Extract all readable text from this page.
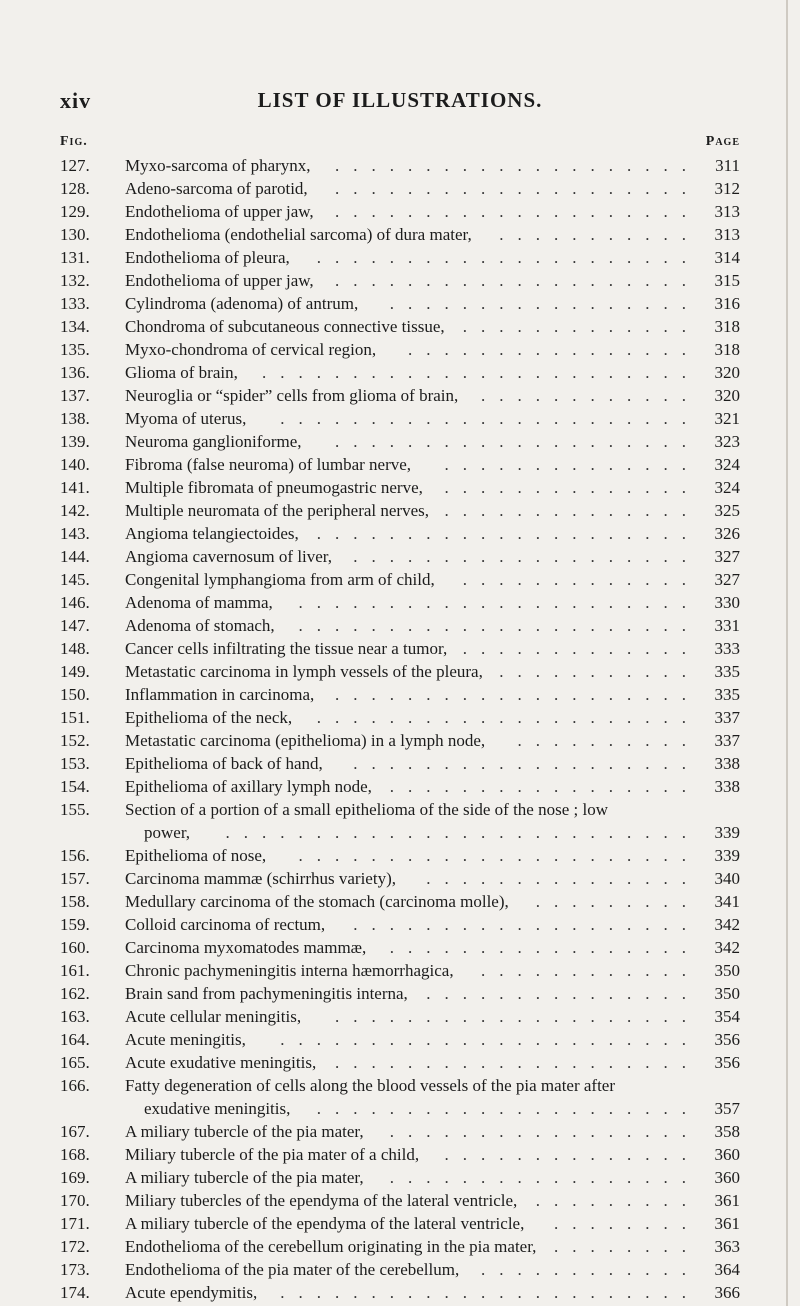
xiv	LIST OF ILLUSTRATIONS.
Fig.	Page
127.	Myxo-sarcoma of pharynx, .................... 311
128.	Adeno-sarcoma of parotid, .................... 312
129.	Endothelioma of upper jaw, .................... 313
130.	Endothelioma (endothelial sarcoma) of dura mater, ........... 313
131.	Endothelioma of pleura, ..................... 314
132.	Endothelioma of upper jaw, .................... 315
133.	Cylindroma (adenoma) of antrum, ................. 316
134.	Chondroma of subcutaneous connective tissue, ............. 318
135.	Myxo-chondroma of cervical region, ................ 318
136.	Glioma of brain, ........................ 320
137.	Neuroglia or “spider” cells from glioma of brain, ............ 320
138.	Myoma of uterus, ....................... 321
139.	Neuroma ganglioniforme, .................... 323
140.	Fibroma (false neuroma) of lumbar nerve, .............. 324
141.	Multiple fibromata of pneumogastric nerve, .............. 324
142.	Multiple neuromata of the peripheral nerves, .............. 325
143.	Angioma telangiectoides, ..................... 326
144.	Angioma cavernosum of liver, ................... 327
145.	Congenital lymphangioma from arm of child, ............. 327
146.	Adenoma of mamma, ...................... 330
147.	Adenoma of stomach, ...................... 331
148.	Cancer cells infiltrating the tissue near a tumor, ............. 333
149.	Metastatic carcinoma in lymph vessels of the pleura, ........... 335
150.	Inflammation in carcinoma, .................... 335
151.	Epithelioma of the neck, ..................... 337
152.	Metastatic carcinoma (epithelioma) in a lymph node, .......... 337
153.	Epithelioma of back of hand, ................... 338
154.	Epithelioma of axillary lymph node, ................. 338
155.	Section of a portion of a small epithelioma of the side of the nose ; low
power, .......................... 339
156.	Epithelioma of nose, ...................... 339
157.	Carcinoma mammæ (schirrhus variety), ............... 340
158.	Medullary carcinoma of the stomach (carcinoma molle), ......... 341
159.	Colloid carcinoma of rectum, ................... 342
160.	Carcinoma myxomatodes mammæ, ................. 342
161.	Chronic pachymeningitis interna hæmorrhagica, ............ 350
162.	Brain sand from pachymeningitis interna, ............... 350
163.	Acute cellular meningitis, .................... 354
164.	Acute meningitis, ....................... 356
165.	Acute exudative meningitis, .................... 356
166.	Fatty degeneration of cells along the blood vessels of the pia mater after
exudative meningitis, ..................... 357
167.	A miliary tubercle of the pia mater, ................. 358
168.	Miliary tubercle of the pia mater of a child, .............. 360
169.	A miliary tubercle of the pia mater, ................. 360
170.	Miliary tubercles of the ependyma of the lateral ventricle, ......... 361
171.	A miliary tubercle of the ependyma of the lateral ventricle, ........ 361
172.	Endothelioma of the cerebellum originating in the pia mater, ........ 363
173.	Endothelioma of the pia mater of the cerebellum, ............ 364
174.	Acute ependymitis, ....................... 366
